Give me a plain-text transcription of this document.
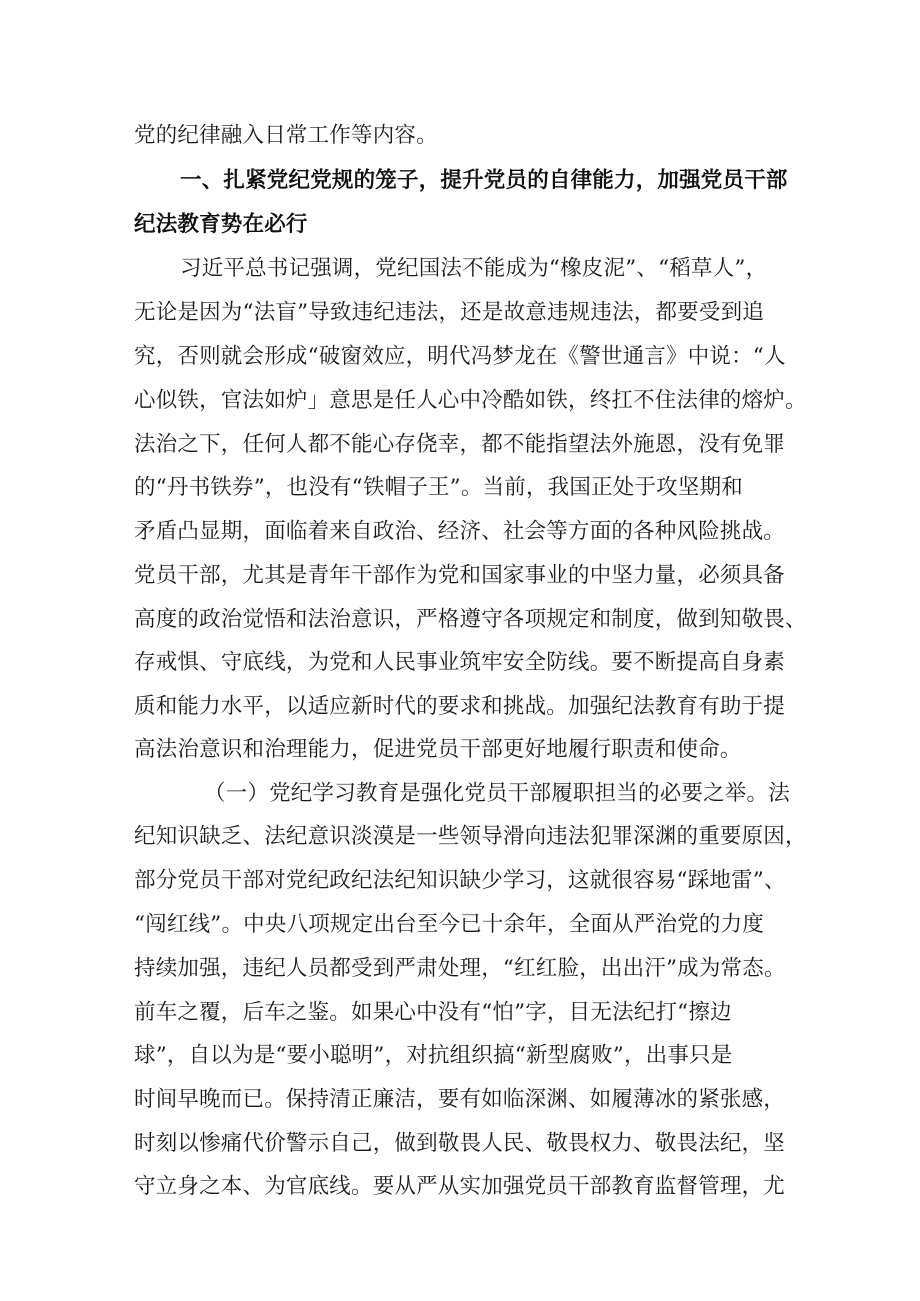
党的纪律融入日常工作等内容。
一、扎紧党纪党规的笼子，提升党员的自律能力，加强党员干部
纪法教育势在必行
习近平总书记强调，党纪国法不能成为“橡皮泥”、“稻草人”，
无论是因为“法盲”导致违纪违法，还是故意违规违法，都要受到追
究，否则就会形成“破窗效应，明代冯梦龙在《警世通言》中说：“人
心似铁，官法如炉」意思是任人心中冷酷如铁，终扛不住法律的熔炉。
法治之下，任何人都不能心存侥幸，都不能指望法外施恩，没有免罪
的“丹书铁券”，也没有“铁帽子王”。当前，我国正处于攻坚期和
矛盾凸显期，面临着来自政治、经济、社会等方面的各种风险挑战。
党员干部，尤其是青年干部作为党和国家事业的中坚力量，必须具备
高度的政治觉悟和法治意识，严格遵守各项规定和制度，做到知敬畏、
存戒惧、守底线，为党和人民事业筑牢安全防线。要不断提高自身素
质和能力水平，以适应新时代的要求和挑战。加强纪法教育有助于提
高法治意识和治理能力，促进党员干部更好地履行职责和使命。
（一）党纪学习教育是强化党员干部履职担当的必要之举。法
纪知识缺乏、法纪意识淡漠是一些领导滑向违法犯罪深渊的重要原因，
部分党员干部对党纪政纪法纪知识缺少学习，这就很容易“踩地雷”、
“闯红线”。中央八项规定出台至今已十余年，全面从严治党的力度
持续加强，违纪人员都受到严肃处理，“红红脸，出出汗”成为常态。
前车之覆，后车之鉴。如果心中没有“怕”字，目无法纪打“擦边
球”，自以为是“要小聪明”，对抗组织搞“新型腐败”，出事只是
时间早晚而已。保持清正廉洁，要有如临深渊、如履薄冰的紧张感，
时刻以惨痛代价警示自己，做到敬畏人民、敬畏权力、敬畏法纪，坚
守立身之本、为官底线。要从严从实加强党员干部教育监督管理，尤
